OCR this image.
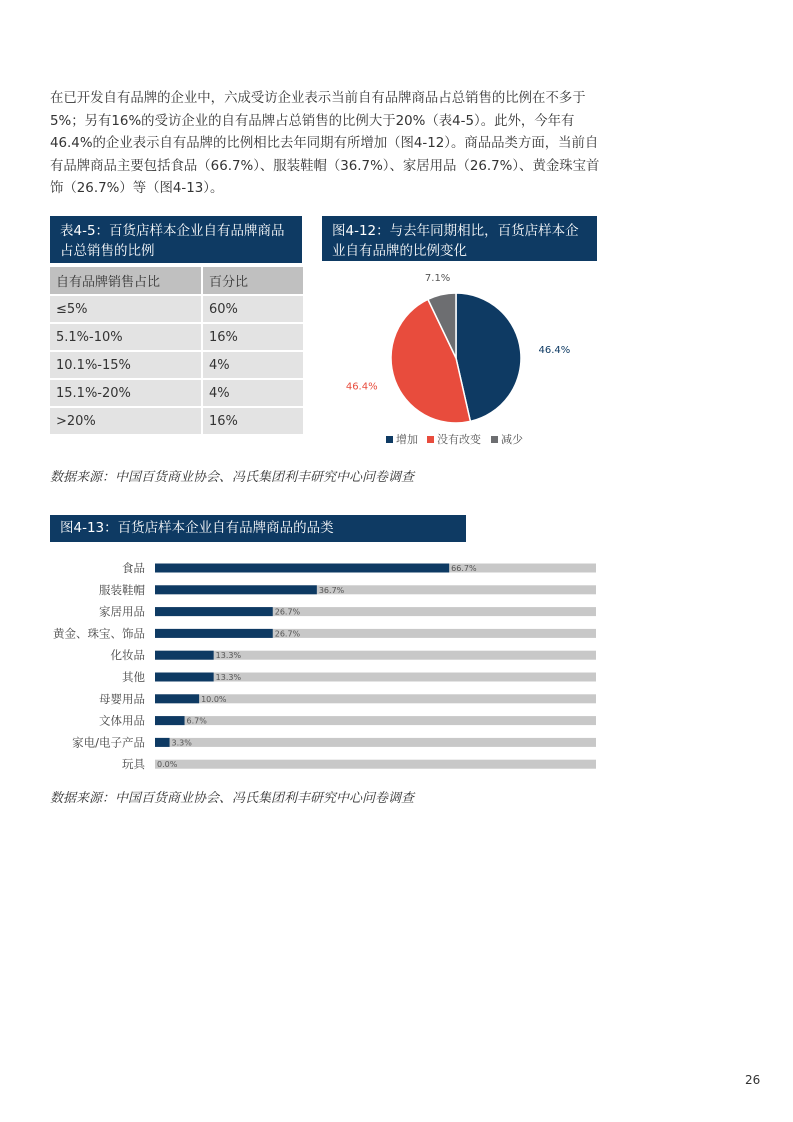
在已开发自有品牌的企业中，六成受访企业表示当前自有品牌商品占总销售的比例在不多于5%；另有16%的受访企业的自有品牌占总销售的比例大于20%（表4-5）。此外，今年有46.4%的企业表示自有品牌的比例相比去年同期有所增加（图4-12）。商品品类方面，当前自有品牌商品主要包括食品（66.7%）、服装鞋帽（36.7%）、家居用品（26.7%）、黄金珠宝首饰（26.7%）等（图4-13）。

表4-5：百货店样本企业自有品牌商品占总销售的比例
自有品牌销售占比	百分比
≤5%	60%
5.1%-10%	16%
10.1%-15%	4%
15.1%-20%	4%
>20%	16%
图4-12：与去年同期相比，百货店样本企业自有品牌的比例变化
46.4%
46.4%
7.1%
增加 没有改变 减少
数据来源：中国百货商业协会、冯氏集团利丰研究中心问卷调查
图4-13：百货店样本企业自有品牌商品的品类
食品	66.7%
服装鞋帽	36.7%
家居用品	26.7%
黄金、珠宝、饰品	26.7%
化妆品	13.3%
其他	13.3%
母婴用品	10.0%
文体用品	6.7%
家电/电子产品	3.3%
玩具 0.0%
数据来源：中国百货商业协会、冯氏集团利丰研究中心问卷调查
26
